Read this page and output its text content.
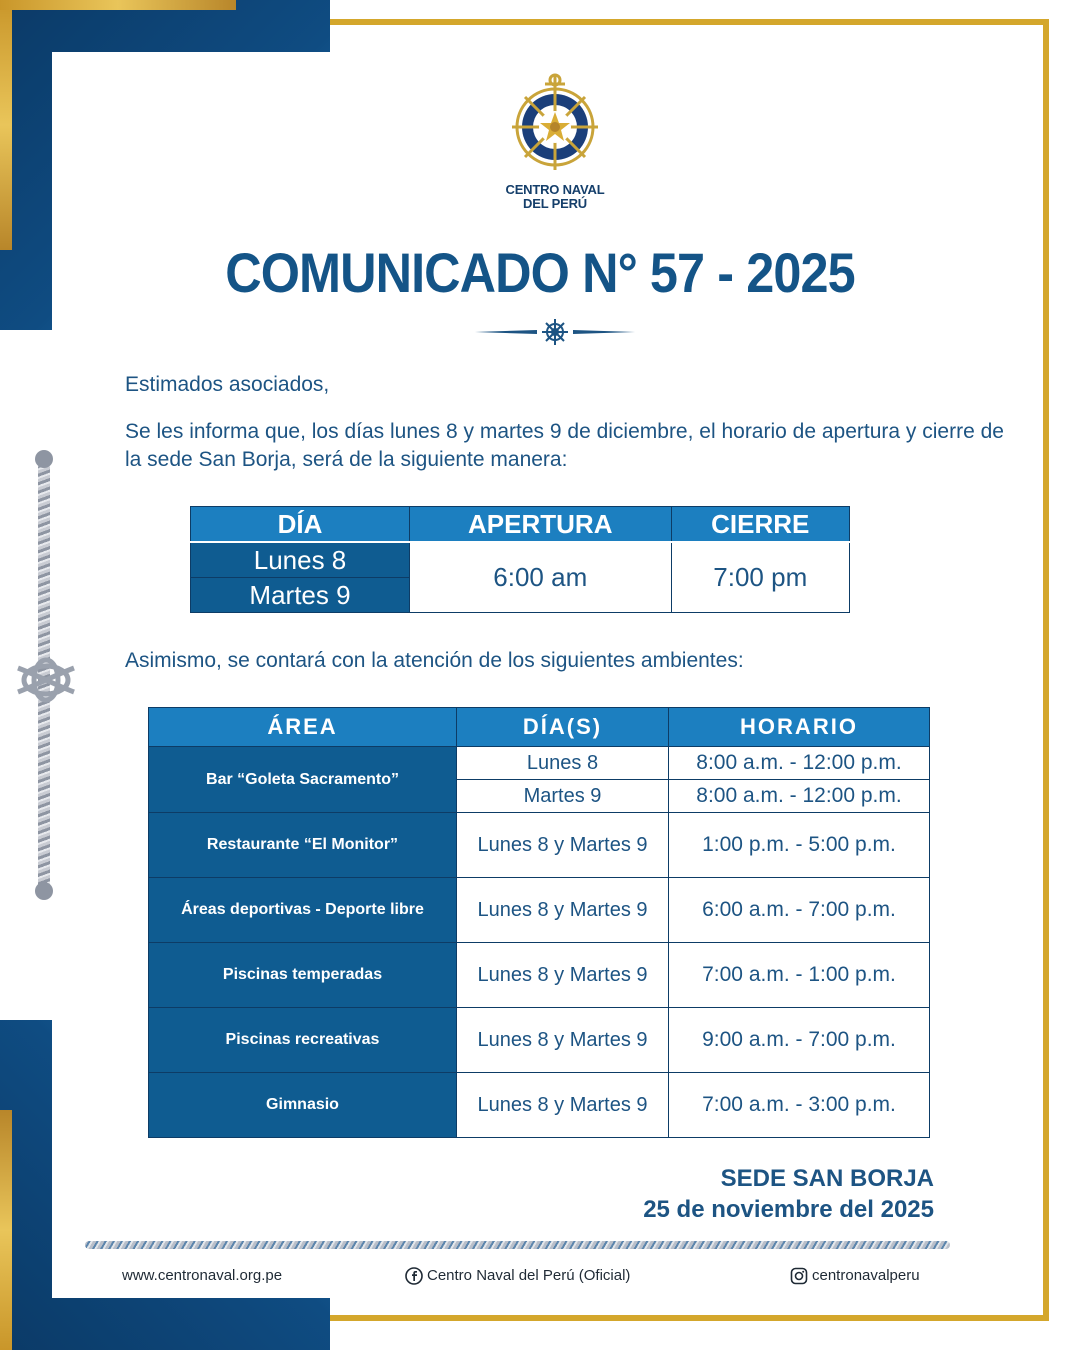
CENTRO NAVAL
DEL PERÚ
COMUNICADO N° 57 - 2025
Estimados asociados,
Se les informa que, los días lunes 8 y martes 9 de diciembre, el horario de apertura y cierre de la sede San Borja, será de la siguiente manera:
DÍA	APERTURA	CIERRE
Lunes 8	6:00 am	7:00 pm
Martes 9		
Asimismo, se contará con la atención de los siguientes ambientes:
ÁREA	DÍA(S)	HORARIO
Bar “Goleta Sacramento”	Lunes 8	8:00 a.m. - 12:00 p.m.
	Martes 9	8:00 a.m. - 12:00 p.m.
Restaurante “El Monitor”	Lunes 8 y Martes 9	1:00 p.m. - 5:00 p.m.
Áreas deportivas - Deporte libre	Lunes 8 y Martes 9	6:00 a.m. - 7:00 p.m.
Piscinas temperadas	Lunes 8 y Martes 9	7:00 a.m. - 1:00 p.m.
Piscinas recreativas	Lunes 8 y Martes 9	9:00 a.m. - 7:00 p.m.
Gimnasio	Lunes 8 y Martes 9	7:00 a.m. - 3:00 p.m.
SEDE SAN BORJA
25 de noviembre del 2025
www.centronaval.org.pe	Centro Naval del Perú (Oficial)	centronavalperu
